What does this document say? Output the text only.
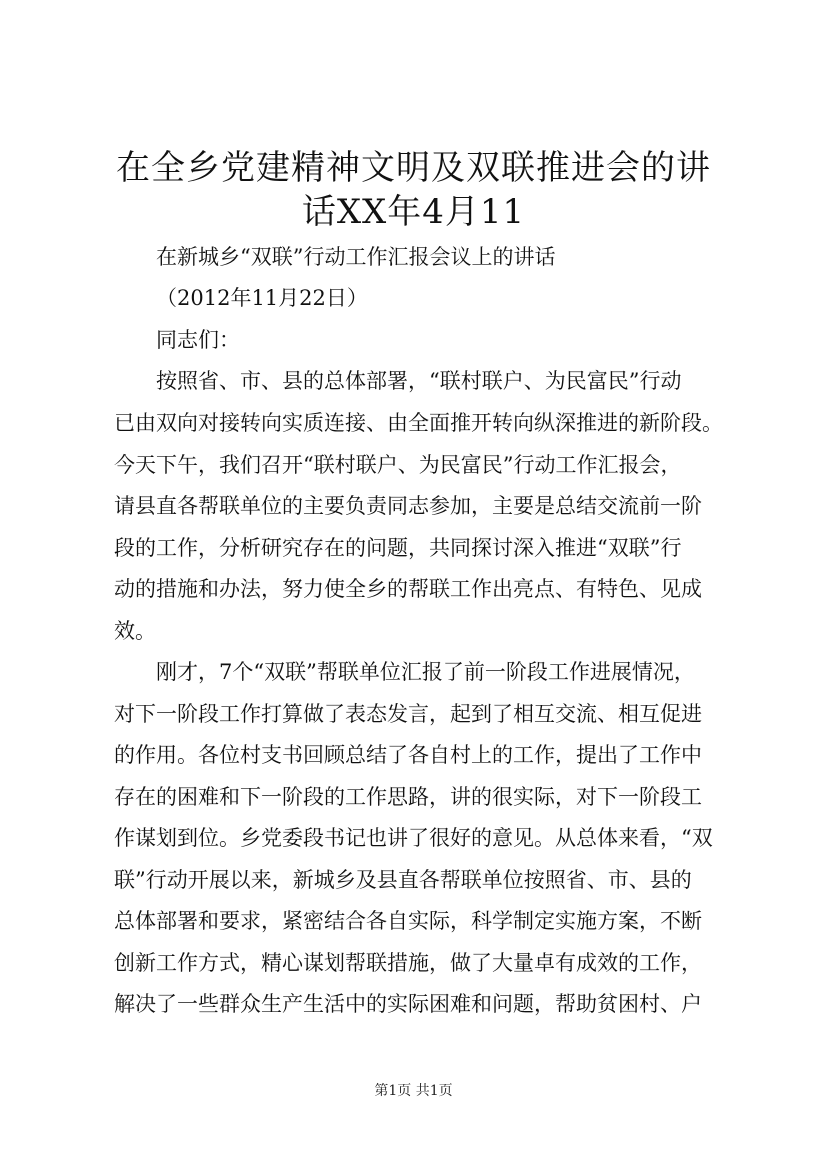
在全乡党建精神文明及双联推进会的讲话XX年4月11
在新城乡“双联”行动工作汇报会议上的讲话
（2012年11月22日）
同志们：
按照省、市、县的总体部署，“联村联户、为民富民”行动
已由双向对接转向实质连接、由全面推开转向纵深推进的新阶段。
今天下午，我们召开“联村联户、为民富民”行动工作汇报会，
请县直各帮联单位的主要负责同志参加，主要是总结交流前一阶
段的工作，分析研究存在的问题，共同探讨深入推进“双联”行
动的措施和办法，努力使全乡的帮联工作出亮点、有特色、见成
效。
刚才，7个“双联”帮联单位汇报了前一阶段工作进展情况，
对下一阶段工作打算做了表态发言，起到了相互交流、相互促进
的作用。各位村支书回顾总结了各自村上的工作，提出了工作中
存在的困难和下一阶段的工作思路，讲的很实际，对下一阶段工
作谋划到位。乡党委段书记也讲了很好的意见。从总体来看，“双
联”行动开展以来，新城乡及县直各帮联单位按照省、市、县的
总体部署和要求，紧密结合各自实际，科学制定实施方案，不断
创新工作方式，精心谋划帮联措施，做了大量卓有成效的工作，
解决了一些群众生产生活中的实际困难和问题，帮助贫困村、户
第1页 共1页
